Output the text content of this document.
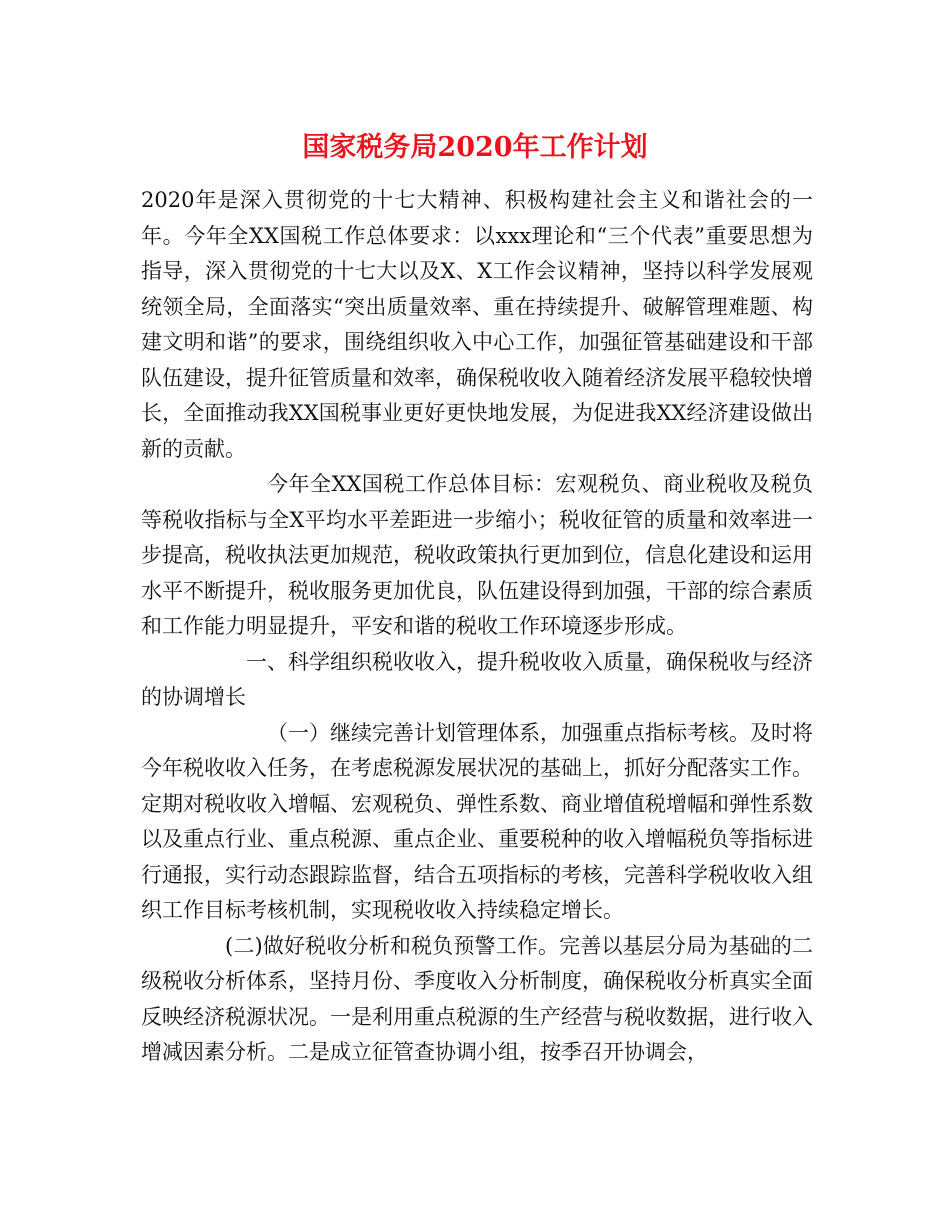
国家税务局2020年工作计划

2020年是深入贯彻党的十七大精神、积极构建社会主义和谐社会的一年。今年全XX国税工作总体要求：以xxx理论和“三个代表”重要思想为指导，深入贯彻党的十七大以及X、X工作会议精神，坚持以科学发展观统领全局，全面落实“突出质量效率、重在持续提升、破解管理难题、构建文明和谐”的要求，围绕组织收入中心工作，加强征管基础建设和干部队伍建设，提升征管质量和效率，确保税收收入随着经济发展平稳较快增长，全面推动我XX国税事业更好更快地发展，为促进我XX经济建设做出新的贡献。

今年全XX国税工作总体目标：宏观税负、商业税收及税负等税收指标与全X平均水平差距进一步缩小；税收征管的质量和效率进一步提高，税收执法更加规范，税收政策执行更加到位，信息化建设和运用水平不断提升，税收服务更加优良，队伍建设得到加强，干部的综合素质和工作能力明显提升，平安和谐的税收工作环境逐步形成。

一、科学组织税收收入，提升税收收入质量，确保税收与经济的协调增长

（一）继续完善计划管理体系，加强重点指标考核。及时将今年税收收入任务，在考虑税源发展状况的基础上，抓好分配落实工作。定期对税收收入增幅、宏观税负、弹性系数、商业增值税增幅和弹性系数以及重点行业、重点税源、重点企业、重要税种的收入增幅税负等指标进行通报，实行动态跟踪监督，结合五项指标的考核，完善科学税收收入组织工作目标考核机制，实现税收收入持续稳定增长。

(二)做好税收分析和税负预警工作。完善以基层分局为基础的二级税收分析体系，坚持月份、季度收入分析制度，确保税收分析真实全面反映经济税源状况。一是利用重点税源的生产经营与税收数据，进行收入增减因素分析。二是成立征管查协调小组，按季召开协调会，
